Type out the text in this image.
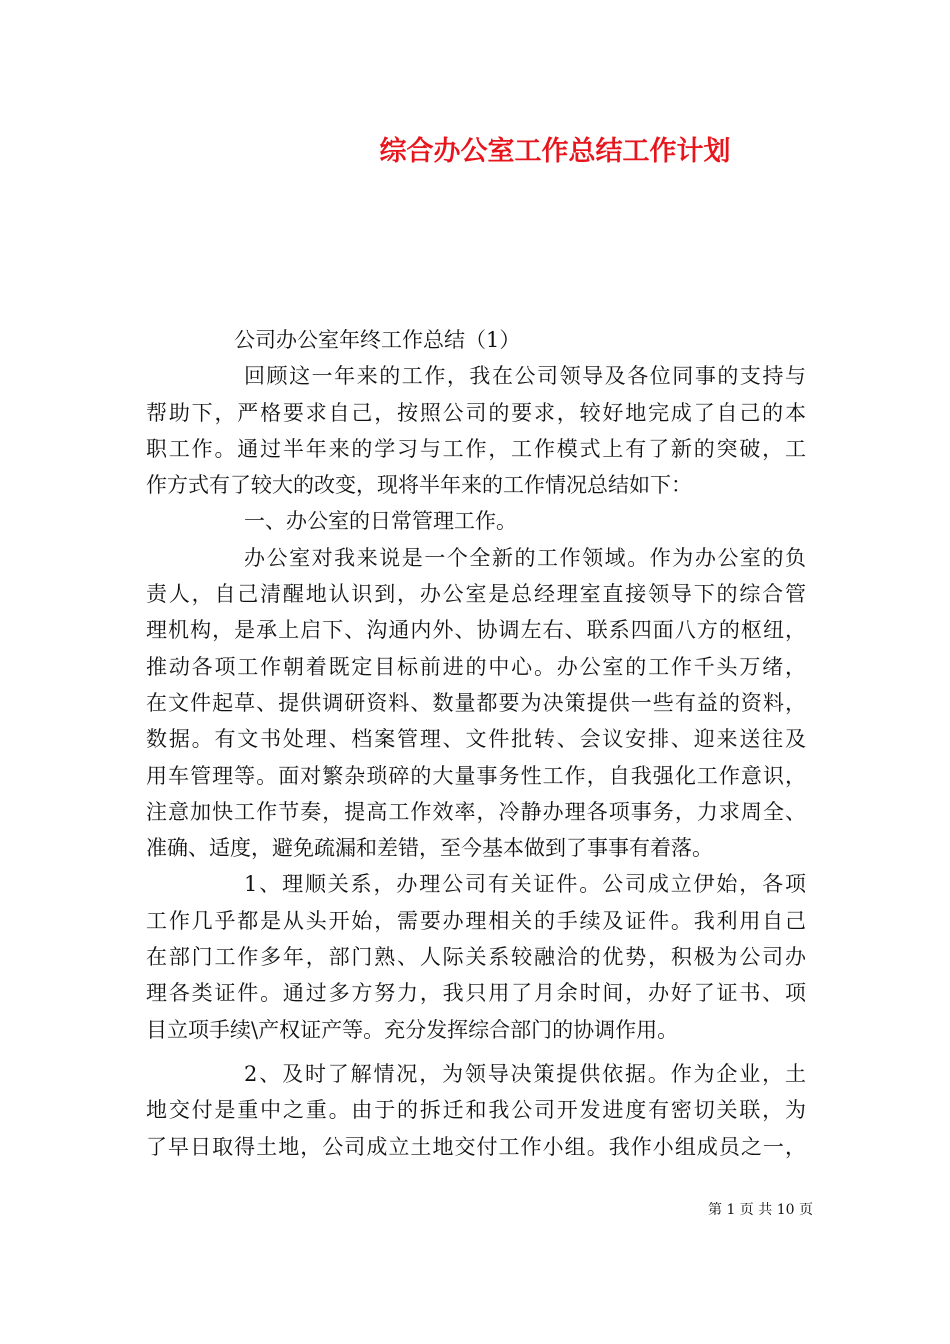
综合办公室工作总结工作计划
公司办公室年终工作总结（1）
回顾这一年来的工作，我在公司领导及各位同事的支持与
帮助下，严格要求自己，按照公司的要求，较好地完成了自己的本
职工作。通过半年来的学习与工作，工作模式上有了新的突破，工
作方式有了较大的改变，现将半年来的工作情况总结如下：
一、办公室的日常管理工作。
办公室对我来说是一个全新的工作领域。作为办公室的负
责人，自己清醒地认识到，办公室是总经理室直接领导下的综合管
理机构，是承上启下、沟通内外、协调左右、联系四面八方的枢纽，
推动各项工作朝着既定目标前进的中心。办公室的工作千头万绪，
在文件起草、提供调研资料、数量都要为决策提供一些有益的资料，
数据。有文书处理、档案管理、文件批转、会议安排、迎来送往及
用车管理等。面对繁杂琐碎的大量事务性工作，自我强化工作意识，
注意加快工作节奏，提高工作效率，冷静办理各项事务，力求周全、
准确、适度，避免疏漏和差错，至今基本做到了事事有着落。
1、理顺关系，办理公司有关证件。公司成立伊始，各项
工作几乎都是从头开始，需要办理相关的手续及证件。我利用自己
在部门工作多年，部门熟、人际关系较融洽的优势，积极为公司办
理各类证件。通过多方努力，我只用了月余时间，办好了证书、项
目立项手续\产权证产等。充分发挥综合部门的协调作用。
2、及时了解情况，为领导决策提供依据。作为企业，土
地交付是重中之重。由于的拆迁和我公司开发进度有密切关联，为
了早日取得土地，公司成立土地交付工作小组。我作小组成员之一，
第 1 页 共 10 页
